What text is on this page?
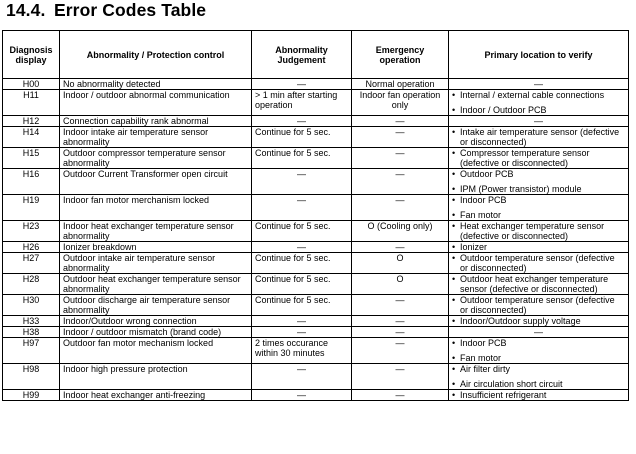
14.4. Error Codes Table
Diagnosis display	Abnormality / Protection control	Abnormality Judgement	Emergency operation	Primary location to verify
H00	No abnormality detected	—	Normal operation	—

H11	Indoor / outdoor abnormal communication	> 1 min after starting operation	Indoor fan operation only	• Internal / external cable connections
• Indoor / Outdoor PCB

H12	Connection capability rank abnormal	—	—	—

H14	Indoor intake air temperature sensor abnormality	Continue for 5 sec.	—	• Intake air temperature sensor (defective or disconnected)

H15	Outdoor compressor temperature sensor abnormality	Continue for 5 sec.	—	• Compressor temperature sensor (defective or disconnected)

H16	Outdoor Current Transformer open circuit	—	—	• Outdoor PCB
• IPM (Power transistor) module

H19	Indoor fan motor merchanism locked	—	—	• Indoor PCB
• Fan motor

H23	Indoor heat exchanger temperature sensor abnormality	Continue for 5 sec.	O (Cooling only)	• Heat exchanger temperature sensor (defective or disconnected)

H26	Ionizer breakdown	—	—	• Ionizer

H27	Outdoor intake air temperature sensor abnormality	Continue for 5 sec.	O	• Outdoor temperature sensor (defective or disconnected)

H28	Outdoor heat exchanger temperature sensor abnormality	Continue for 5 sec.	O	• Outdoor heat exchanger temperature sensor (defective or disconnected)

H30	Outdoor discharge air temperature sensor abnormality	Continue for 5 sec.	—	• Outdoor temperature sensor (defective or disconnected)

H33	Indoor/Outdoor wrong connection	—	—	• Indoor/Outdoor supply voltage

H38	Indoor / outdoor mismatch (brand code)	—	—	—

H97	Outdoor fan motor mechanism locked	2 times occurance within 30 minutes	—	• Indoor PCB
• Fan motor

H98	Indoor high pressure protection	—	—	• Air filter dirty
• Air circulation short circuit

H99	Indoor heat exchanger anti-freezing	—	—	• Insufficient refrigerant
